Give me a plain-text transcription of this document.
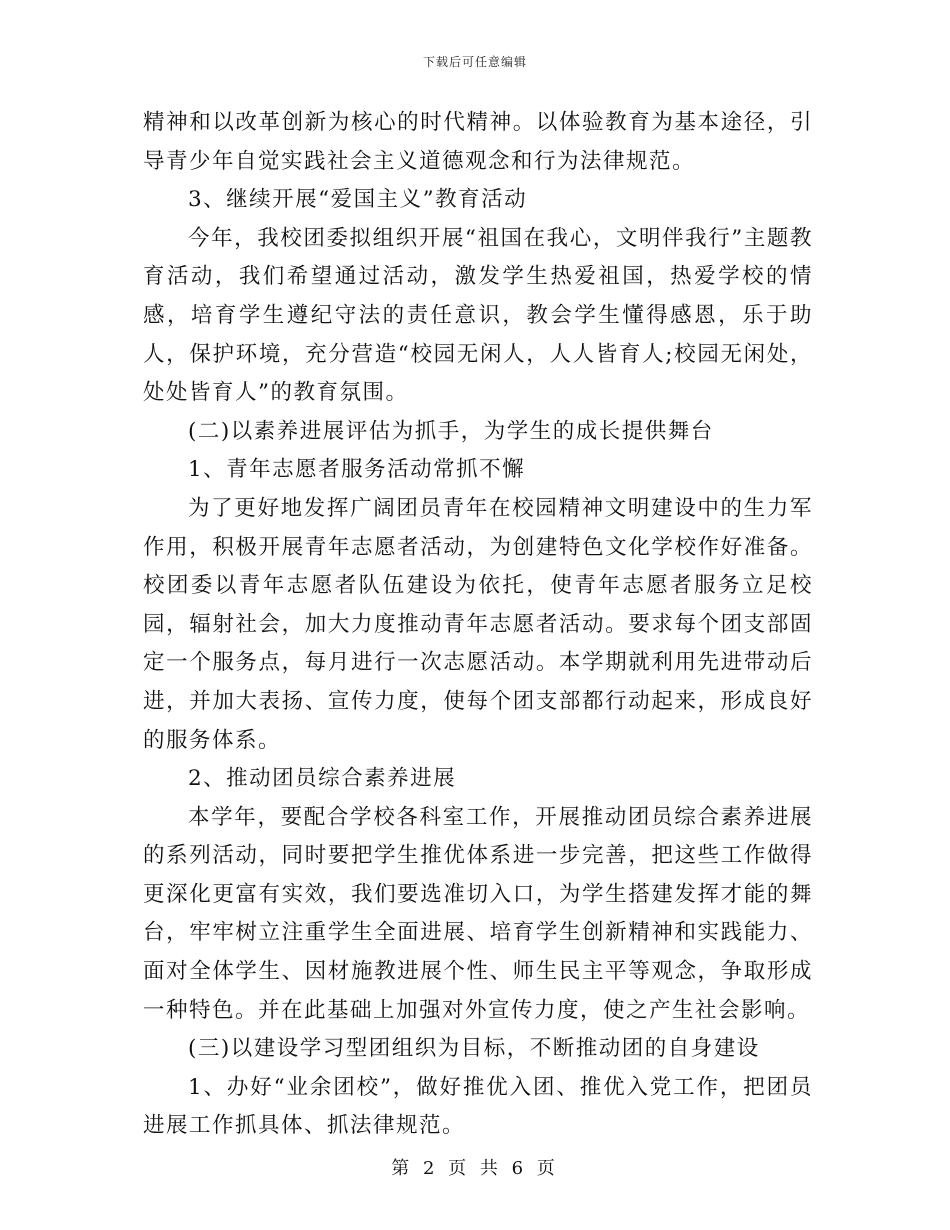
下载后可任意编辑

精神和以改革创新为核心的时代精神。以体验教育为基本途径，引导青少年自觉实践社会主义道德观念和行为法律规范。

3、继续开展“爱国主义”教育活动

今年，我校团委拟组织开展“祖国在我心，文明伴我行”主题教育活动，我们希望通过活动，激发学生热爱祖国，热爱学校的情感，培育学生遵纪守法的责任意识，教会学生懂得感恩，乐于助人，保护环境，充分营造“校园无闲人，人人皆育人;校园无闲处，处处皆育人”的教育氛围。

(二)以素养进展评估为抓手，为学生的成长提供舞台

1、青年志愿者服务活动常抓不懈

为了更好地发挥广阔团员青年在校园精神文明建设中的生力军作用，积极开展青年志愿者活动，为创建特色文化学校作好准备。校团委以青年志愿者队伍建设为依托，使青年志愿者服务立足校园，辐射社会，加大力度推动青年志愿者活动。要求每个团支部固定一个服务点，每月进行一次志愿活动。本学期就利用先进带动后进，并加大表扬、宣传力度，使每个团支部都行动起来，形成良好的服务体系。

2、推动团员综合素养进展

本学年，要配合学校各科室工作，开展推动团员综合素养进展的系列活动，同时要把学生推优体系进一步完善，把这些工作做得更深化更富有实效，我们要选准切入口，为学生搭建发挥才能的舞台，牢牢树立注重学生全面进展、培育学生创新精神和实践能力、面对全体学生、因材施教进展个性、师生民主平等观念，争取形成一种特色。并在此基础上加强对外宣传力度，使之产生社会影响。

(三)以建设学习型团组织为目标，不断推动团的自身建设

1、办好“业余团校”，做好推优入团、推优入党工作，把团员进展工作抓具体、抓法律规范。

第 2 页 共 6 页
